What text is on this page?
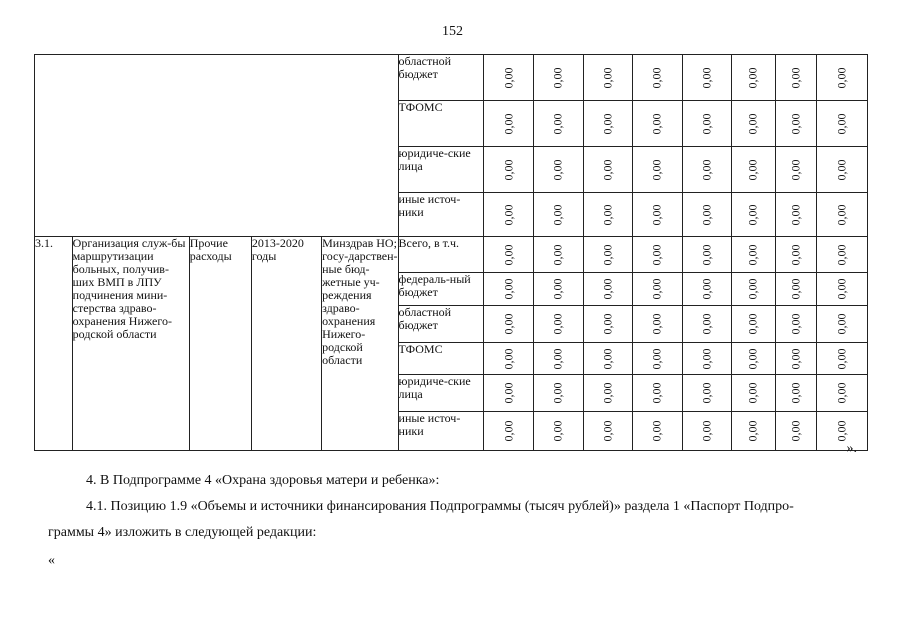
152
					областной бюджет	0,00	0,00	0,00	0,00	0,00	0,00	0,00	0,00

					ТФОМС	0,00	0,00	0,00	0,00	0,00	0,00	0,00	0,00

					юридиче-ские лица	0,00	0,00	0,00	0,00	0,00	0,00	0,00	0,00

					иные источ-ники	0,00	0,00	0,00	0,00	0,00	0,00	0,00	0,00

3.1.	Организация служ-бы маршрутизации больных, получив-ших ВМП в ЛПУ подчинения мини-стерства здраво-охранения Нижего-родской области	Прочие расходы	2013-2020 годы	Минздрав НО; госу-дарствен-ные бюд-жетные уч-реждения здраво-охранения Нижего-родской области	Всего, в т.ч.	0,00	0,00	0,00	0,00	0,00	0,00	0,00	0,00

					федераль-ный бюджет	0,00	0,00	0,00	0,00	0,00	0,00	0,00	0,00

					областной бюджет	0,00	0,00	0,00	0,00	0,00	0,00	0,00	0,00

					ТФОМС	0,00	0,00	0,00	0,00	0,00	0,00	0,00	0,00

					юридиче-ские лица	0,00	0,00	0,00	0,00	0,00	0,00	0,00	0,00

					иные источ-ники	0,00	0,00	0,00	0,00	0,00	0,00	0,00	0,00
».
4. В Подпрограмме 4 «Охрана здоровья матери и ребенка»:
4.1. Позицию 1.9 «Объемы и источники финансирования Подпрограммы (тысяч рублей)» раздела 1 «Паспорт Подпро-
граммы 4» изложить в следующей редакции:
«
